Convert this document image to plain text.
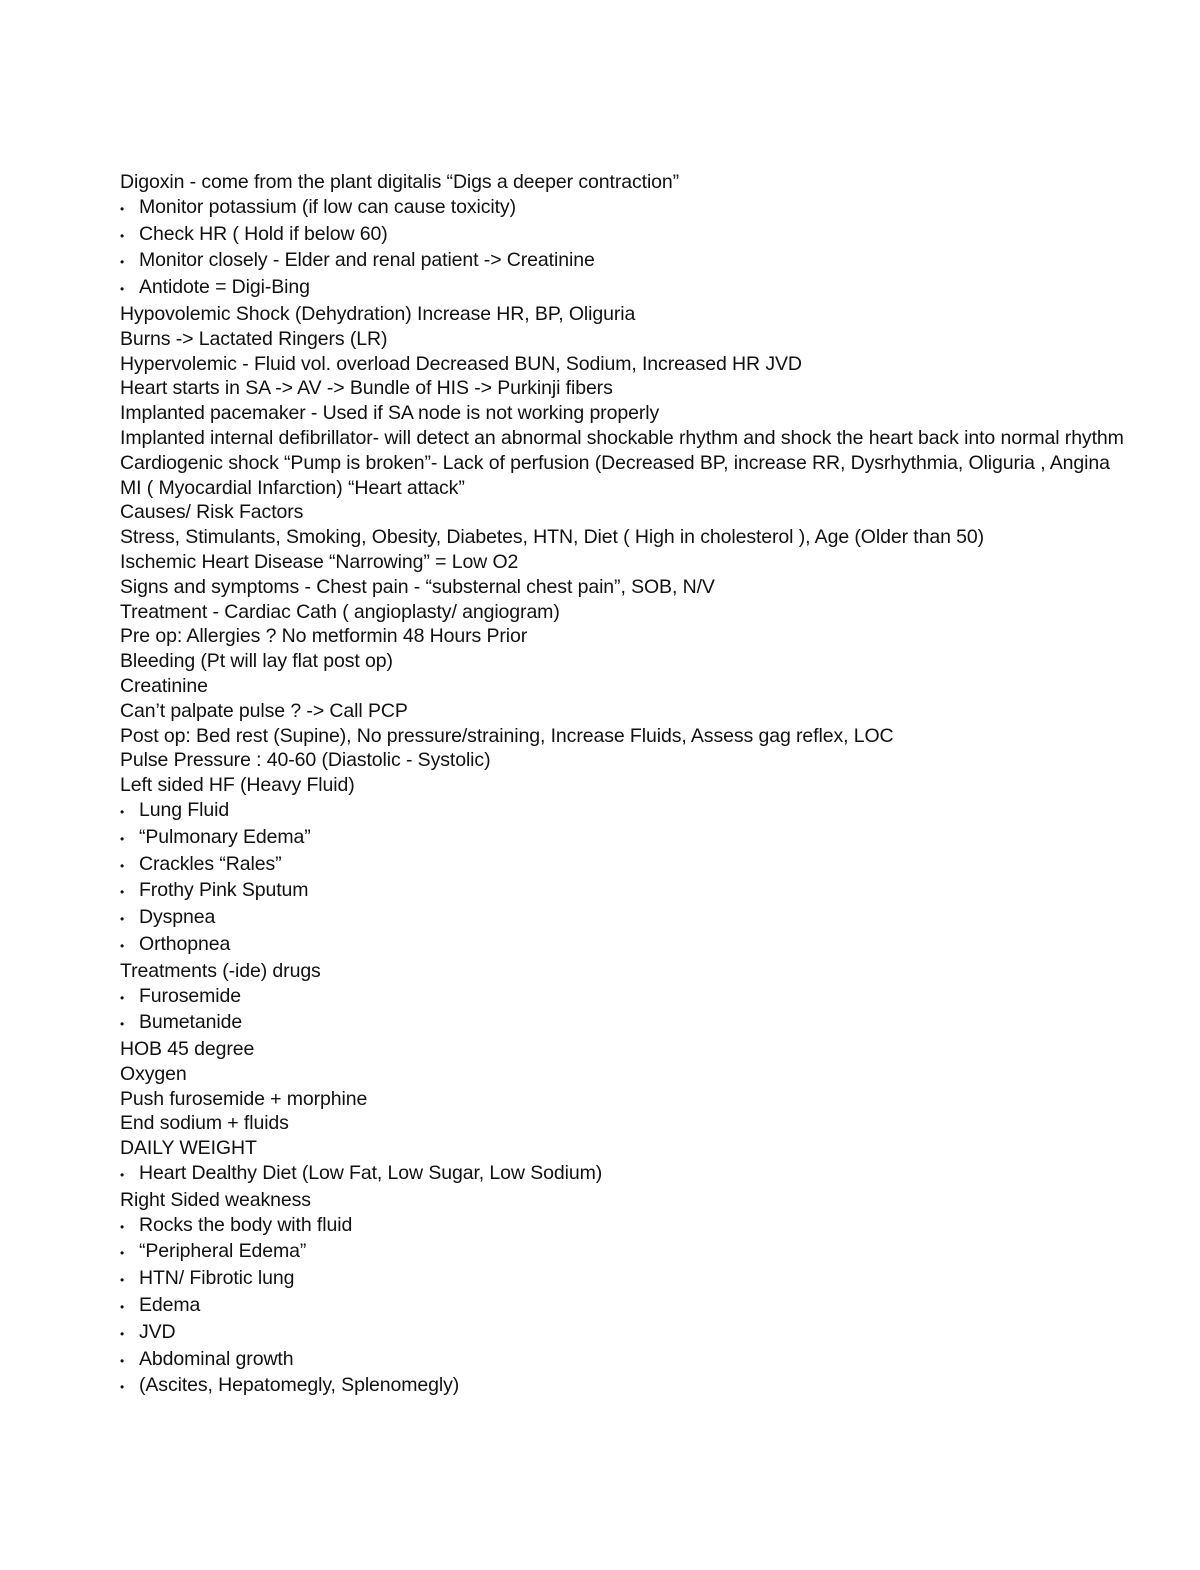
Digoxin - come from the plant digitalis “Digs a deeper contraction”
• Monitor potassium (if low can cause toxicity)
• Check HR ( Hold if below 60)
• Monitor closely - Elder and renal patient -> Creatinine
• Antidote = Digi-Bing
Hypovolemic Shock (Dehydration) Increase HR, BP, Oliguria
Burns -> Lactated Ringers (LR)
Hypervolemic - Fluid vol. overload Decreased BUN, Sodium, Increased HR JVD
Heart starts in SA -> AV -> Bundle of HIS -> Purkinji fibers
Implanted pacemaker - Used if SA node is not working properly
Implanted internal defibrillator- will detect an abnormal shockable rhythm and shock the heart back into normal rhythm
Cardiogenic shock “Pump is broken”- Lack of perfusion (Decreased BP, increase RR, Dysrhythmia, Oliguria , Angina
MI ( Myocardial Infarction) “Heart attack”
Causes/ Risk Factors
Stress, Stimulants, Smoking, Obesity, Diabetes, HTN, Diet ( High in cholesterol ), Age (Older than 50)
Ischemic Heart Disease “Narrowing” = Low O2
Signs and symptoms - Chest pain - “substernal chest pain”, SOB, N/V
Treatment - Cardiac Cath ( angioplasty/ angiogram)
Pre op: Allergies ? No metformin 48 Hours Prior
Bleeding (Pt will lay flat post op)
Creatinine
Can’t palpate pulse ? -> Call PCP
Post op: Bed rest (Supine), No pressure/straining, Increase Fluids, Assess gag reflex, LOC
Pulse Pressure : 40-60 (Diastolic - Systolic)
Left sided HF (Heavy Fluid)
• Lung Fluid
• “Pulmonary Edema”
• Crackles “Rales”
• Frothy Pink Sputum
• Dyspnea
• Orthopnea
Treatments (-ide) drugs
• Furosemide
• Bumetanide
HOB 45 degree
Oxygen
Push furosemide + morphine
End sodium + fluids
DAILY WEIGHT
• Heart Dealthy Diet (Low Fat, Low Sugar, Low Sodium)
Right Sided weakness
• Rocks the body with fluid
• “Peripheral Edema”
• HTN/ Fibrotic lung
• Edema
• JVD
• Abdominal growth
• (Ascites, Hepatomegly, Splenomegly)
